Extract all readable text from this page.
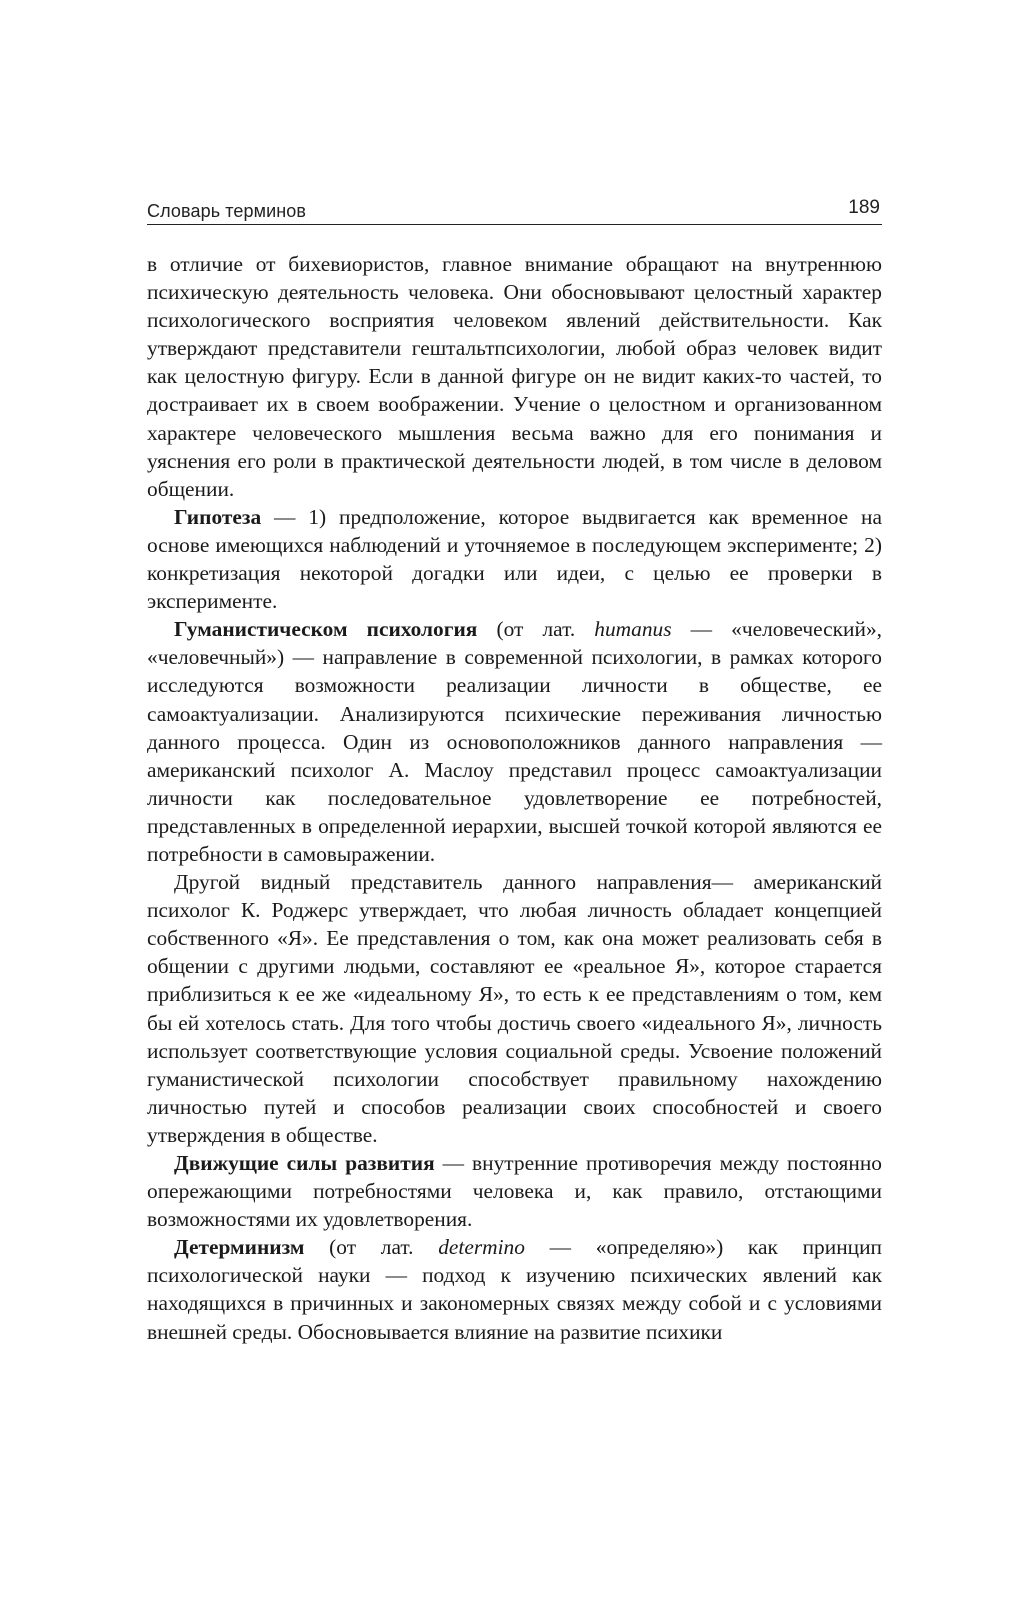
Словарь терминов	189

в отличие от бихевиористов, главное внимание обращают на внутреннюю психическую деятельность человека. Они обосновывают целостный характер психологического восприятия человеком явлений действительности. Как утверждают представители гештальтпсихологии, любой образ человек видит как целостную фигуру. Если в данной фигуре он не видит каких-то частей, то достраивает их в своем воображении. Учение о целостном и организованном характере человеческого мышления весьма важно для его понимания и уяснения его роли в практической деятельности людей, в том числе в деловом общении.

Гипотеза — 1) предположение, которое выдвигается как временное на основе имеющихся наблюдений и уточняемое в последующем эксперименте; 2) конкретизация некоторой догадки или идеи, с целью ее проверки в эксперименте.

Гуманистическом психология (от лат. humanus — «человеческий», «человечный») — направление в современной психологии, в рамках которого исследуются возможности реализации личности в обществе, ее самоактуализации. Анализируются психические переживания личностью данного процесса. Один из основоположников данного направления — американский психолог А. Маслоу представил процесс самоактуализации личности как последовательное удовлетворение ее потребностей, представленных в определенной иерархии, высшей точкой которой являются ее потребности в самовыражении.

Другой видный представитель данного направления— американский психолог К. Роджерс утверждает, что любая личность обладает концепцией собственного «Я». Ее представления о том, как она может реализовать себя в общении с другими людьми, составляют ее «реальное Я», которое старается приблизиться к ее же «идеальному Я», то есть к ее представлениям о том, кем бы ей хотелось стать. Для того чтобы достичь своего «идеального Я», личность использует соответствующие условия социальной среды. Усвоение положений гуманистической психологии способствует правильному нахождению личностью путей и способов реализации своих способностей и своего утверждения в обществе.

Движущие силы развития — внутренние противоречия между постоянно опережающими потребностями человека и, как правило, отстающими возможностями их удовлетворения.

Детерминизм (от лат. determino — «определяю») как принцип психологической науки — подход к изучению психических явлений как находящихся в причинных и закономерных связях между собой и с условиями внешней среды. Обосновывается влияние на развитие психики
